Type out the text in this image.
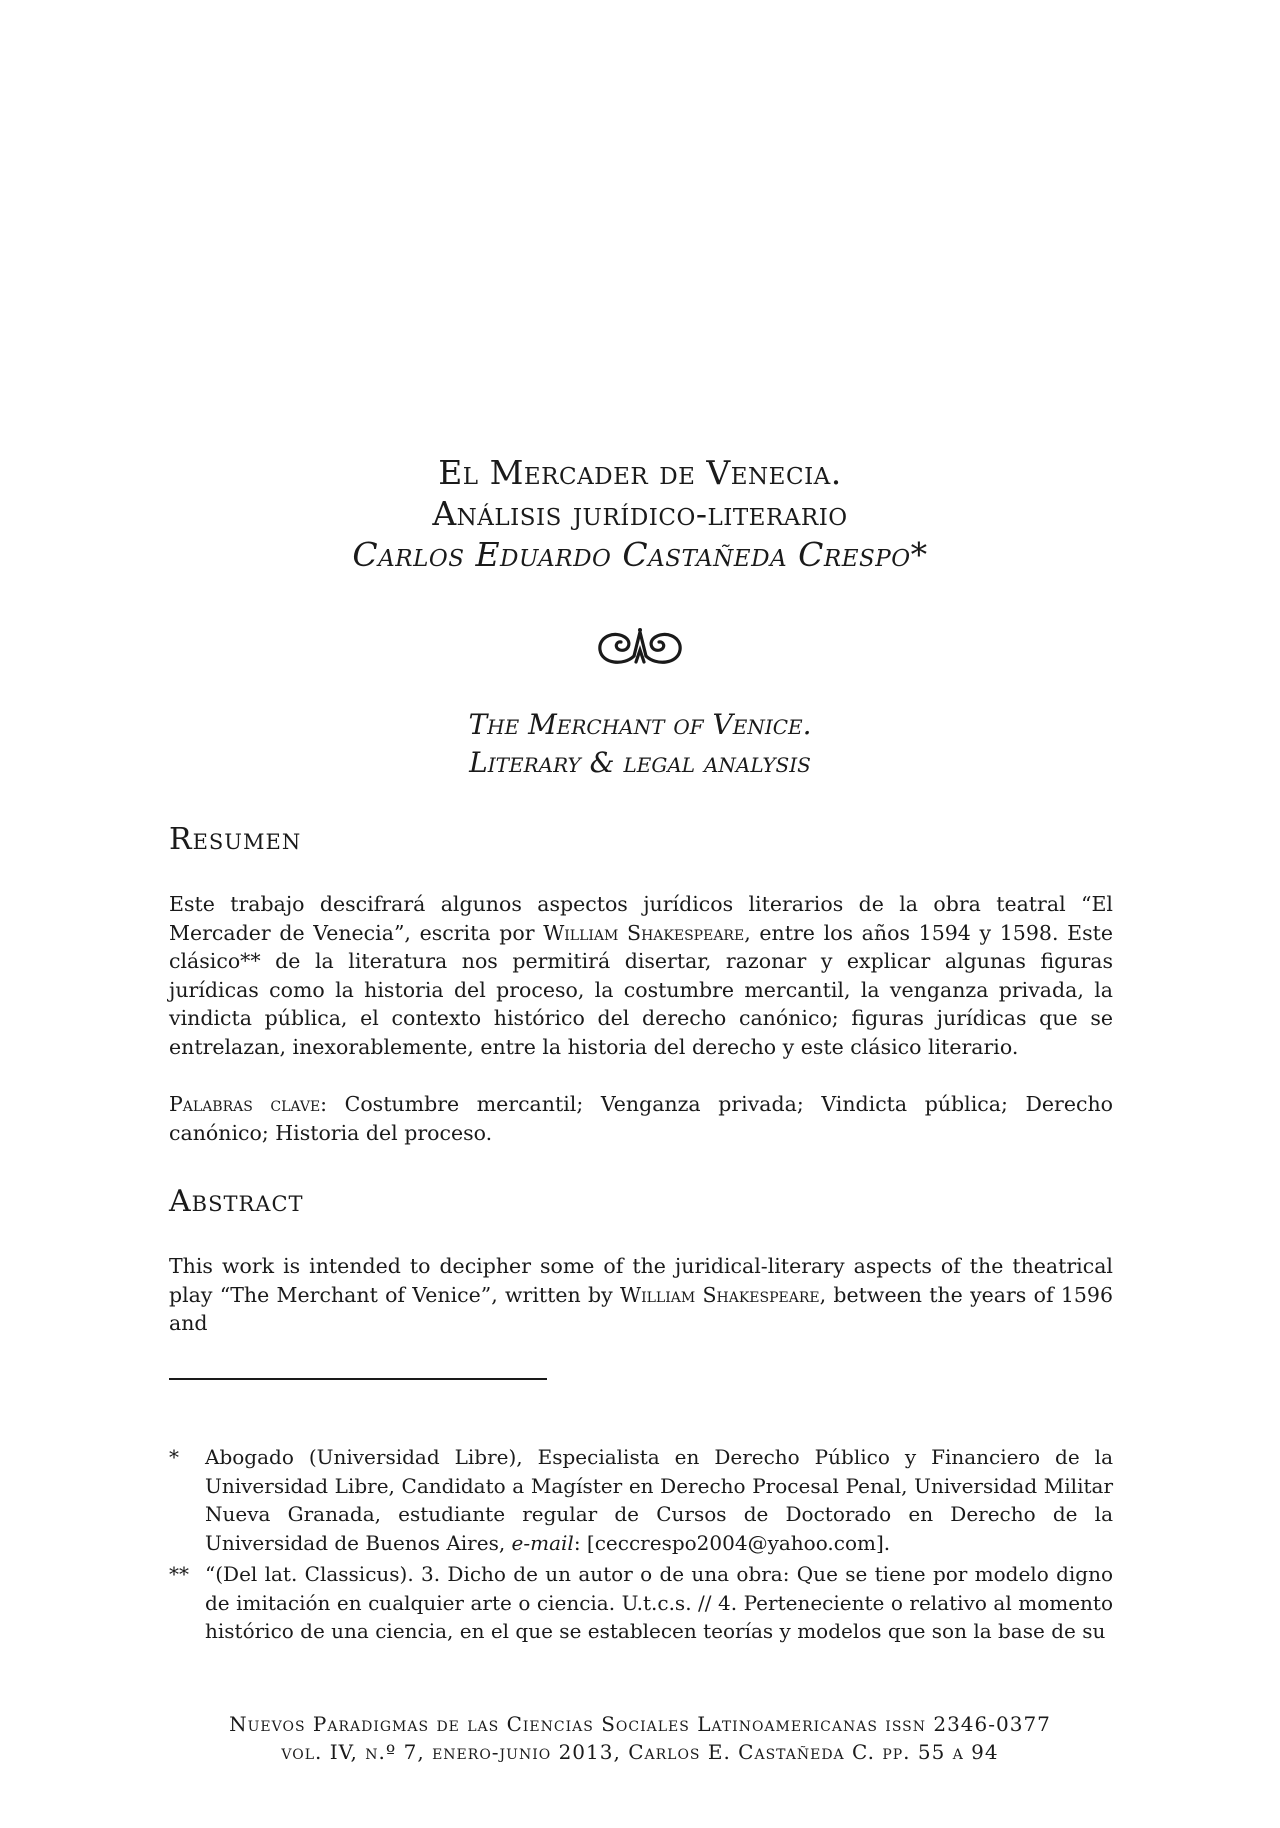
El Mercader de Venecia.
Análisis jurídico-literario
Carlos Eduardo Castañeda Crespo*
The Merchant of Venice.
Literary & legal analysis
Resumen
Este trabajo descifrará algunos aspectos jurídicos literarios de la obra teatral “El Mercader de Venecia”, escrita por William Shakespeare, entre los años 1594 y 1598. Este clásico** de la literatura nos permitirá disertar, razonar y explicar algunas figuras jurídicas como la historia del proceso, la costumbre mercantil, la venganza privada, la vindicta pública, el contexto histórico del derecho canónico; figuras jurídicas que se entrelazan, inexorablemente, entre la historia del derecho y este clásico literario.
Palabras clave: Costumbre mercantil; Venganza privada; Vindicta pública; Derecho canónico; Historia del proceso.
Abstract
This work is intended to decipher some of the juridical-literary aspects of the theatrical play “The Merchant of Venice”, written by William Shakespeare, between the years of 1596 and
*	Abogado (Universidad Libre), Especialista en Derecho Público y Financiero de la Universidad Libre, Candidato a Magíster en Derecho Procesal Penal, Universidad Militar Nueva Granada, estudiante regular de Cursos de Doctorado en Derecho de la Universidad de Buenos Aires, e-mail: [ceccrespo2004@yahoo.com].
** “(Del lat. Classicus). 3. Dicho de un autor o de una obra: Que se tiene por modelo digno de imitación en cualquier arte o ciencia. U.t.c.s. // 4. Perteneciente o relativo al momento histórico de una ciencia, en el que se establecen teorías y modelos que son la base de su
Nuevos Paradigmas de las Ciencias Sociales Latinoamericanas issn 2346-0377
vol. IV, n.º 7, enero-junio 2013, Carlos E. Castañeda C. pp. 55 a 94
